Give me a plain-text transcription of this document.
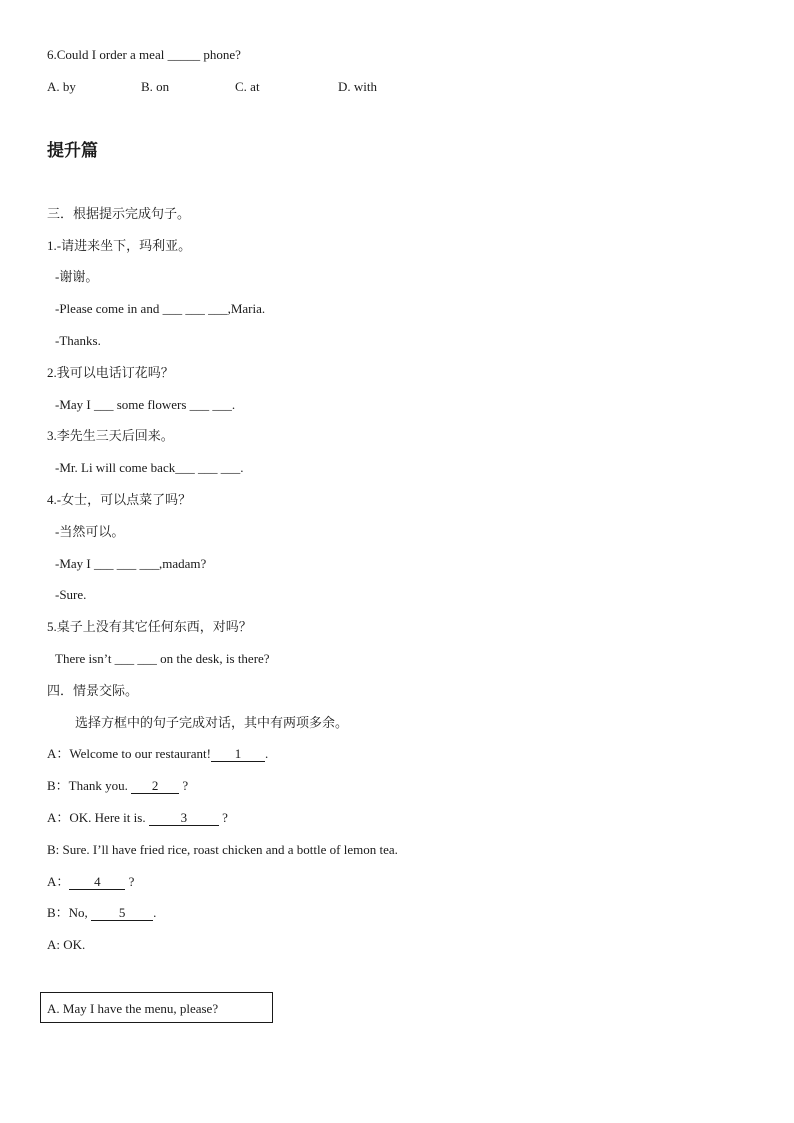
6.Could I order a meal _____ phone?
A. by	B. on	C. at	D. with
提升篇
三．根据提示完成句子。
1.-请进来坐下，玛利亚。
-谢谢。
-Please come in and ___ ___ ___,Maria.
-Thanks.
2.我可以电话订花吗？
-May I ___ some flowers ___ ___.
3.李先生三天后回来。
-Mr. Li will come back___ ___ ___.
4.-女士，可以点菜了吗？
-当然可以。
-May I ___ ___ ___,madam?
-Sure.
5.桌子上没有其它任何东西，对吗？
There isn’t ___ ___ on the desk, is there?
四．情景交际。
选择方框中的句子完成对话，其中有两项多余。
A：Welcome to our restaurant! 1 .
B：Thank you. 2 ?
A：OK. Here it is. 3 ?
B: Sure. I’ll have fried rice, roast chicken and a bottle of lemon tea.
A： 4 ?
B：No, 5 .
A: OK.
A. May I have the menu, please?
